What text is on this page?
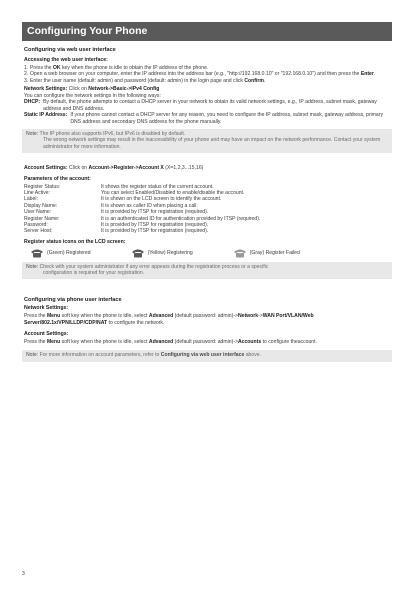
Configuring Your Phone
Configuring via web user interface
Accessing the web user interface:
1. Press the OK key when the phone is idle to obtain the IP address of the phone.
2. Open a web browser on your computer, enter the IP address into the address bar (e.g., "http://192.168.0.10" or "192.168.0.10") and then press the Enter.
3. Enter the user name (default: admin) and password (default: admin) in the login page and click Confirm.
Network Settings: Click on Network->Basic->IPv4 Config
You can configure the network settings in the following ways:
DHCP: By default, the phone attempts to contact a DHCP server in your network to obtain its valid network settings, e.g., IP address, subnet mask, gateway address and DNS address.
Static IP Address: If your phone cannot contact a DHCP server for any reason, you need to configure the IP address, subnet mask, gateway address, primary DNS address and secondary DNS address for the phone manually.
Note: The IP phone also supports IPv6, but IPv6 is disabled by default.
The wrong network settings may result in the inaccessibility of your phone and may have an impact on the network performance. Contact your system administrator for more information.
Account Settings: Click on Account->Register->Account X (X=1,2,3...15,16)
Parameters of the account:
Register Status:	It shows the register status of the current account.
Line Active:	You can select Enabled/Disabled to enable/disable the account.
Label:	It is shown on the LCD screen to identify the account.
Display Name:	It is shown as caller ID when placing a call.
User Name:	It is provided by ITSP for registration (required).
Register Name:	It is an authenticated ID for authentication provided by ITSP (required).
Password:	It is provided by ITSP for registration (required).
Server Host:	It is provided by ITSP for registration (required).
Register status icons on the LCD screen:
(Green) Registered	(Yellow) Registering	(Gray) Register Failed
Note: Check with your system administrator if any error appears during the registration process or a specific
configuration is required for your registration.
Configuring via phone user interface
Network Settings:
Press the Menu soft key when the phone is idle, select Advanced (default password: admin)->Network->WAN Port/VLAN/Web Server/802.1x/VPN/LLDP/CDP/NAT to configure the network.
Account Settings:
Press the Menu soft key when the phone is idle, select Advanced (default password: admin)->Accounts to configure theaccount.
Note: For more information on account parameters, refer to Configuring via web user interface above.
3
